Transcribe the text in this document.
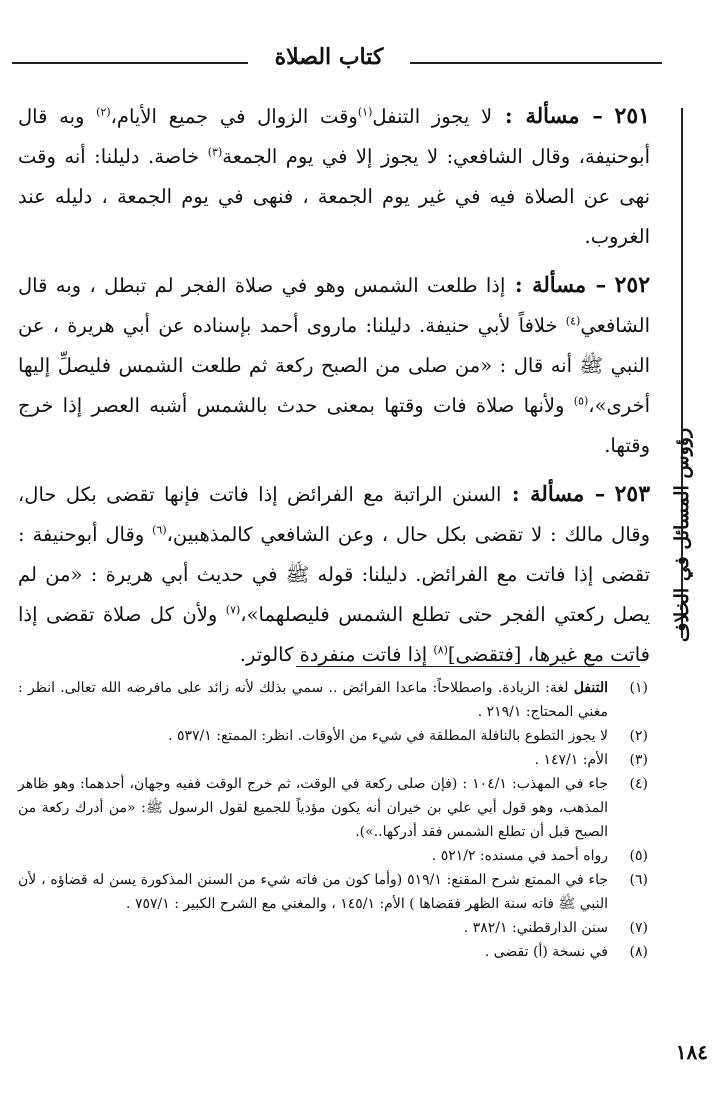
كتاب الصلاة
رؤوس المسائل في الخلاف

٢٥١ – مسألة : لا يجوز التنفل$^{(١)}$وقت الزوال في جميع الأيام،$^{(٢)}$ وبه قال أبوحنيفة، وقال الشافعي: لا يجوز إلا في يوم الجمعة$^{(٣)}$ خاصة. دليلنا: أنه وقت نهى عن الصلاة فيه في غير يوم الجمعة ، فنهى في يوم الجمعة ، دليله عند الغروب.

٢٥٢ – مسألة : إذا طلعت الشمس وهو في صلاة الفجر لم تبطل ، وبه قال الشافعي$^{(٤)}$ خلافاً لأبي حنيفة. دليلنا: ماروى أحمد بإسناده عن أبي هريرة ، عن النبي ﷺ أنه قال : «من صلى من الصبح ركعة ثم طلعت الشمس فليصلِّ إليها أخرى»،$^{(٥)}$ ولأنها صلاة فات وقتها بمعنى حدث بالشمس أشبه العصر إذا خرج وقتها.

٢٥٣ – مسألة : السنن الراتبة مع الفرائض إذا فاتت فإنها تقضى بكل حال، وقال مالك : لا تقضى بكل حال ، وعن الشافعي كالمذهبين،$^{(٦)}$ وقال أبوحنيفة : تقضى إذا فاتت مع الفرائض. دليلنا: قوله ﷺ في حديث أبي هريرة : «من لم يصل ركعتي الفجر حتى تطلع الشمس فليصلهما»،$^{(٧)}$ ولأن كل صلاة تقضى إذا فاتت مع غيرها، [فتقضى]$^{(٨)}$ إذا فاتت منفردة كالوتر.

(١)
التنفل لغة: الزيادة. واصطلاحاً: ماعدا الفرائض .. سمي بذلك لأنه زائد على مافرضه الله تعالى. انظر : مغني المحتاج: ٢١٩/١ .
(٢)
لا يجوز التطوع بالنافلة المطلقة في شيء من الأوقات. انظر: الممتع: ٥٣٧/١ .
(٣)
الأم: ١٤٧/١ .
(٤)
جاء في المهذب: ١٠٤/١ : (فإن صلى ركعة في الوقت، ثم خرج الوقت ففيه وجهان، أحدهما: وهو ظاهر المذهب، وهو قول أبي علي بن خيران أنه يكون مؤدياً للجميع لقول الرسول ﷺ: «من أدرك ركعة من الصبح قبل أن تطلع الشمس فقد أدركها..»).
(٥)
رواه أحمد في مسنده: ٥٢١/٢ .
(٦)
جاء في الممتع شرح المقنع: ٥١٩/١ (وأما كون من فاته شيء من السنن المذكورة يسن له قضاؤه ، لأن النبي ﷺ فاته سنة الظهر فقضاها ) الأم: ١٤٥/١ ، والمغني مع الشرح الكبير : ٧٥٧/١ .
(٧)
سنن الدارقطني: ٣٨٢/١ .
(٨)
في نسخة (أ) تقضى .
١٨٤
